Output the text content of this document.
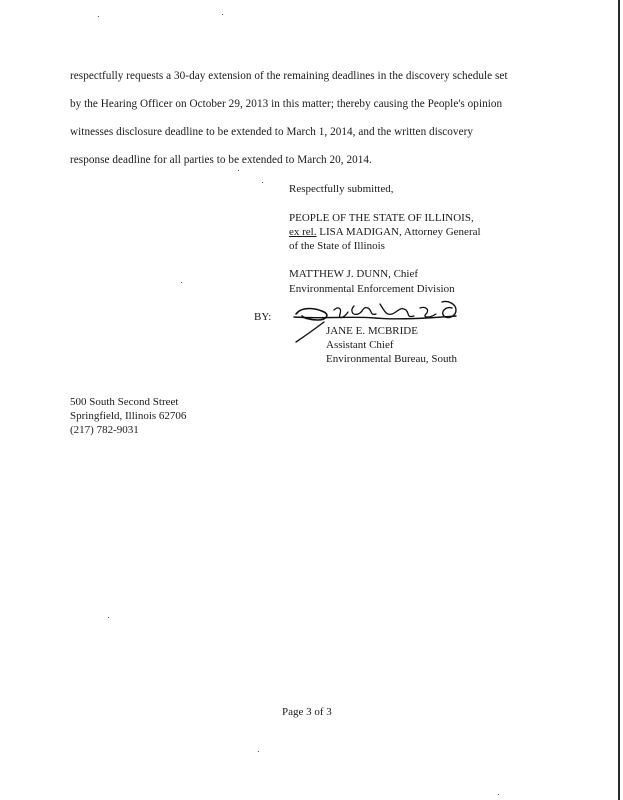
respectfully requests a 30-day extension of the remaining deadlines in the discovery schedule set
by the Hearing Officer on October 29, 2013 in this matter; thereby causing the People's opinion
witnesses disclosure deadline to be extended to March 1, 2014, and the written discovery
response deadline for all parties to be extended to March 20, 2014.
Respectfully submitted,
PEOPLE OF THE STATE OF ILLINOIS,
ex rel. LISA MADIGAN, Attorney General
of the State of Illinois
MATTHEW J. DUNN, Chief
Environmental Enforcement Division
BY:
JANE E. MCBRIDE
Assistant Chief
Environmental Bureau, South
500 South Second Street
Springfield, Illinois 62706
(217) 782-9031
Page 3 of 3
